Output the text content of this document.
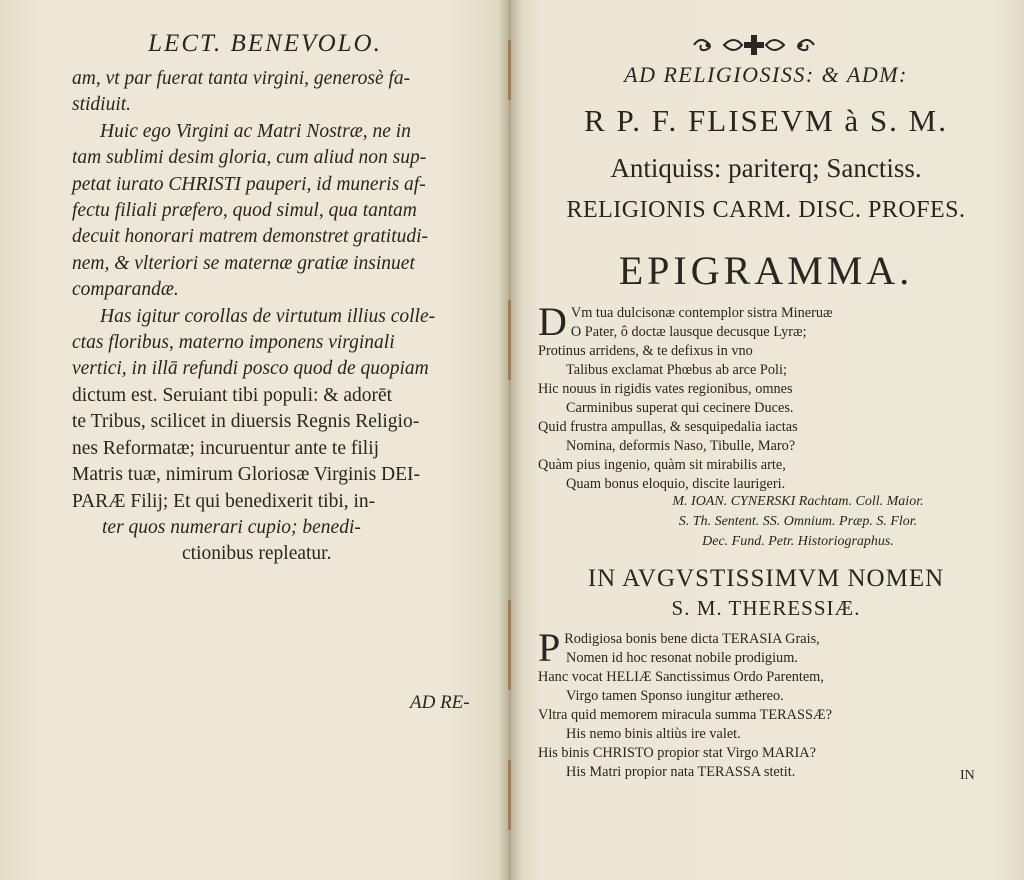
LECT. BENEVOLO.

am, vt par fuerat tanta virgini, generosè fa-

stidiuit.

Huic ego Virgini ac Matri Nostræ, ne in

tam sublimi desim gloria, cum aliud non sup-

petat iurato CHRISTI pauperi, id muneris af-

fectu filiali præfero, quod simul, qua tantam

decuit honorari matrem demonstret gratitudi-

nem, & vlteriori se maternæ gratiæ insinuet

comparandæ.

Has igitur corollas de virtutum illius colle-

ctas floribus, materno imponens virginali

vertici, in illā refundi posco quod de quopiam

dictum est. Seruiant tibi populi: & adorēt

te Tribus, scilicet in diuersis Regnis Religio-

nes Reformatæ; incuruentur ante te filij

Matris tuæ, nimirum Gloriosæ Virginis DEI-

PARÆ Filij; Et qui benedixerit tibi, in-

ter quos numerari cupio; benedi-

ctionibus repleatur.

AD RE-
AD RELIGIOSISS: & ADM:
R P. F. FLISEVM à S. M.
Antiquiss: pariterq; Sanctiss.
RELIGIONIS CARM. DISC. PROFES.
EPIGRAMMA.

D Vm tua dulcisonæ contemplor sistra Mineruæ

O Pater, ô doctæ lausque decusque Lyræ;

Protinus arridens, & te defixus in vno

Talibus exclamat Phœbus ab arce Poli;

Hic nouus in rigidis vates regionibus, omnes

Carminibus superat qui cecinere Duces.

Quid frustra ampullas, & sesquipedalia iactas

Nomina, deformis Naso, Tibulle, Maro?

Quàm pius ingenio, quàm sit mirabilis arte,

Quam bonus eloquio, discite laurigeri.

M. IOAN. CYNERSKI Rachtam. Coll. Maior.
S. Th. Sentent. SS. Omnium. Præp. S. Flor.
Dec. Fund. Petr. Historiographus.
IN AVGVSTISSIMVM NOMEN
S. M. THERESSIÆ.

P Rodigiosa bonis bene dicta TERASIA Grais,

Nomen id hoc resonat nobile prodigium.

Hanc vocat HELIÆ Sanctissimus Ordo Parentem,

Virgo tamen Sponso iungitur æthereo.

Vltra quid memorem miracula summa TERASSÆ?

His nemo binis altiùs ire valet.

His binis CHRISTO propior stat Virgo MARIA?

His Matri propior nata TERASSA stetit.	IN
